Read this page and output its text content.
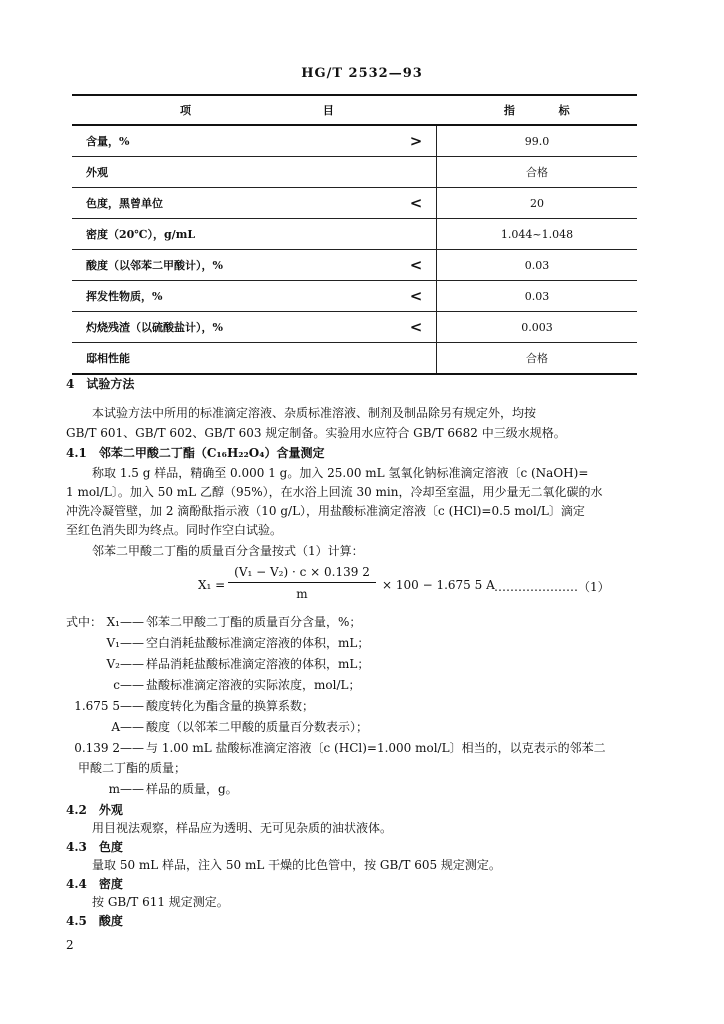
HG/T 2532—93
项 目		指 标
含量，%	>	99.0
外观		合格
色度，黑曾单位	<	20
密度（20℃），g/mL		1.044~1.048
酸度（以邻苯二甲酸计），%	<	0.03
挥发性物质，%	<	0.03
灼烧残渣（以硫酸盐计），%	<	0.003
邸相性能		合格
4　试验方法
本试验方法中所用的标准滴定溶液、杂质标准溶液、制剂及制品除另有规定外，均按
GB/T 601、GB/T 602、GB/T 603 规定制备。实验用水应符合 GB/T 6682 中三级水规格。
4.1　邻苯二甲酸二丁酯（C₁₆H₂₂O₄）含量测定
称取 1.5 g 样品，精确至 0.000 1 g。加入 25.00 mL 氢氧化钠标准滴定溶液〔c (NaOH)=
1 mol/L〕。加入 50 mL 乙醇（95%），在水浴上回流 30 min，冷却至室温，用少量无二氧化碳的水
冲洗冷凝管壁，加 2 滴酚酞指示液（10 g/L），用盐酸标准滴定溶液〔c (HCl)=0.5 mol/L〕滴定
至红色消失即为终点。同时作空白试验。
邻苯二甲酸二丁酯的质量百分含量按式（1）计算：
X₁ =
(V₁ − V₂) · c × 0.139 2
m
× 100 − 1.675 5 A …………………（1）
式中： X₁—— 邻苯二甲酸二丁酯的质量百分含量，%；
V₁—— 空白消耗盐酸标准滴定溶液的体积，mL；
V₂—— 样品消耗盐酸标准滴定溶液的体积，mL；
c—— 盐酸标准滴定溶液的实际浓度，mol/L；
1.675 5—— 酸度转化为酯含量的换算系数；
A—— 酸度（以邻苯二甲酸的质量百分数表示）；
0.139 2—— 与 1.00 mL 盐酸标准滴定溶液〔c (HCl)=1.000 mol/L〕相当的，以克表示的邻苯二
甲酸二丁酯的质量；
m—— 样品的质量，g。
4.2　外观
用目视法观察，样品应为透明、无可见杂质的油状液体。
4.3　色度
量取 50 mL 样品，注入 50 mL 干燥的比色管中，按 GB/T 605 规定测定。
4.4　密度
按 GB/T 611 规定测定。
4.5　酸度
2
